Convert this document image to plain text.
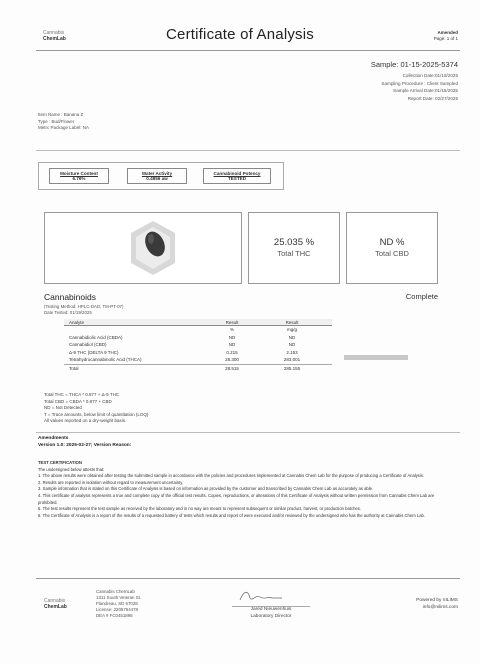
Cannabis
ChemLab	Certificate of Analysis	Amended
Page: 1 of 1
Sample: 01-15-2025-5374
Collection Date:01/15/2025
Sampling Procedure : Client Sampled
Sample Arrival Date:01/15/2025
Report Date: 02/27/2025
Item Name : Banana Z
Type : Bud/Flower
Metrc Package Label: NA
Moisture Content
6.76%
Water Activity
0.4856 aw
Cannabinoid Potency
TESTED
25.035 %
Total THC
ND %
Total CBD
Cannabinoids	Complete
(Testing Method: HPLC-DAD, TM-PT-07)
Date Tested: 01/19/2025
Analyte	Result	Result
%	mg/g
Cannabidiolic Acid (CBDA)	ND	ND
Cannabidiol (CBD)	ND	ND
Δ-9 THC (DELTA 9 THC)	0.215	2.153
Tetrahydrocannabinolic Acid (THCA)	28.300	283.001
Total	28.515	285.155
Total THC = THCA * 0.877 + Δ-9 THC
Total CBD = CBDA * 0.877 + CBD
ND = Not Detected
T = Trace amounts, below limit of quantitation (LOQ)
All values reported on a dry-weight basis.
Amendments
Version 1.0: 2025-02-27; Version Reason:
TEST CERTIFICATION
The undersigned below attests that:
1. The above results were obtained after testing the submitted sample in accordance with the policies and procedures implemented at Cannabis Chem Lab for the purpose of producing a Certificate of Analysis.
2. Results are reported in isolation without regard to measurement uncertainty.
3. Sample information that is stated on this Certificate of Analysis is based on information as provided by the customer and transcribed by Cannabis Chem Lab as accurately as able.
4. This certificate of analysis represents a true and complete copy of the official test results. Copies, reproductions, or alterations of this Certificate of Analysis without written permission from Cannabis Chem Lab are prohibited.
5. The test results represent the test sample as received by the laboratory and in no way are meant to represent subsequent or similar product, harvest, or production batches.
6. The Certificate of Analysis is a report of the results of a requested battery of tests which results and report of were executed and/or reviewed by the undersigned who has the authority at Cannabis Chem Lab.
Cannabis
ChemLab
Cannabis ChemLab
1311 South Veteran St.
Flandreau, SD 57028
License: 2205764478
DEA # FC0451895
Jared Nieuwenhuis
Laboratory Director
Powered by nILIMS
info@nilims.com
